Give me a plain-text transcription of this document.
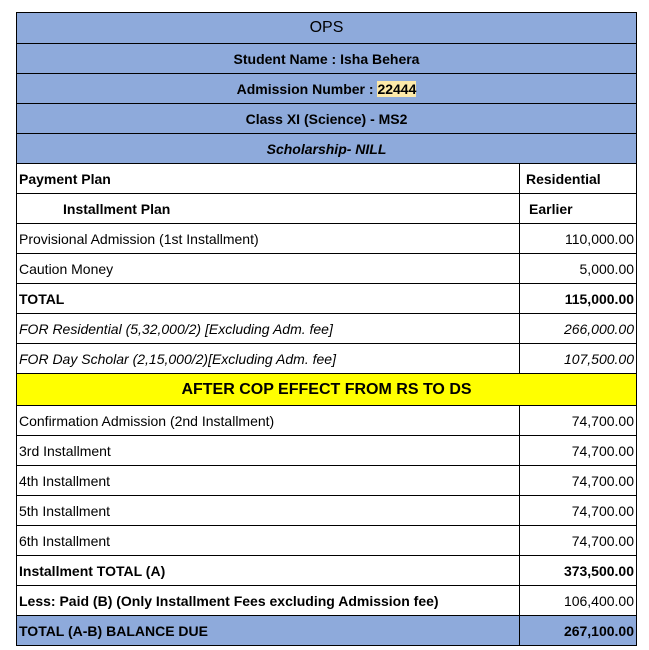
OPS	
Student Name : Isha Behera	
Admission Number : 22444	
Class XI (Science) - MS2	
Scholarship- NILL	
Payment Plan	Residential
Installment Plan	Earlier
Provisional Admission (1st Installment)	110,000.00
Caution Money	5,000.00
TOTAL	115,000.00
FOR Residential (5,32,000/2) [Excluding Adm. fee]	266,000.00
FOR Day Scholar (2,15,000/2)[Excluding Adm. fee]	107,500.00
AFTER COP EFFECT FROM RS TO DS	
Confirmation Admission (2nd Installment)	74,700.00
3rd Installment	74,700.00
4th Installment	74,700.00
5th Installment	74,700.00
6th Installment	74,700.00
Installment TOTAL (A)	373,500.00
Less: Paid (B) (Only Installment Fees excluding Admission fee)	106,400.00
TOTAL (A-B) BALANCE DUE	267,100.00
